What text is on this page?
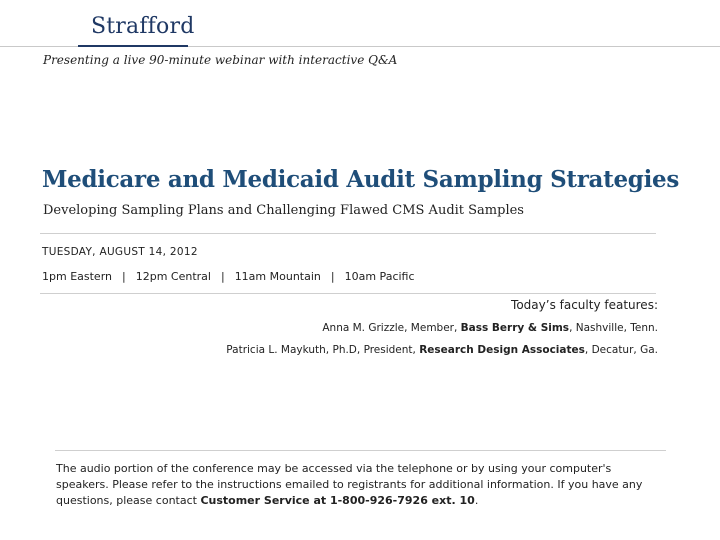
Strafford
Presenting a live 90-minute webinar with interactive Q&A
Medicare and Medicaid Audit Sampling Strategies
Developing Sampling Plans and Challenging Flawed CMS Audit Samples
TUESDAY, AUGUST 14, 2012
1pm Eastern | 12pm Central | 11am Mountain | 10am Pacific
Today’s faculty features:
Anna M. Grizzle, Member, Bass Berry & Sims, Nashville, Tenn.
Patricia L. Maykuth, Ph.D, President, Research Design Associates, Decatur, Ga.
The audio portion of the conference may be accessed via the telephone or by using your computer's speakers. Please refer to the instructions emailed to registrants for additional information. If you have any questions, please contact Customer Service at 1-800-926-7926 ext. 10.
